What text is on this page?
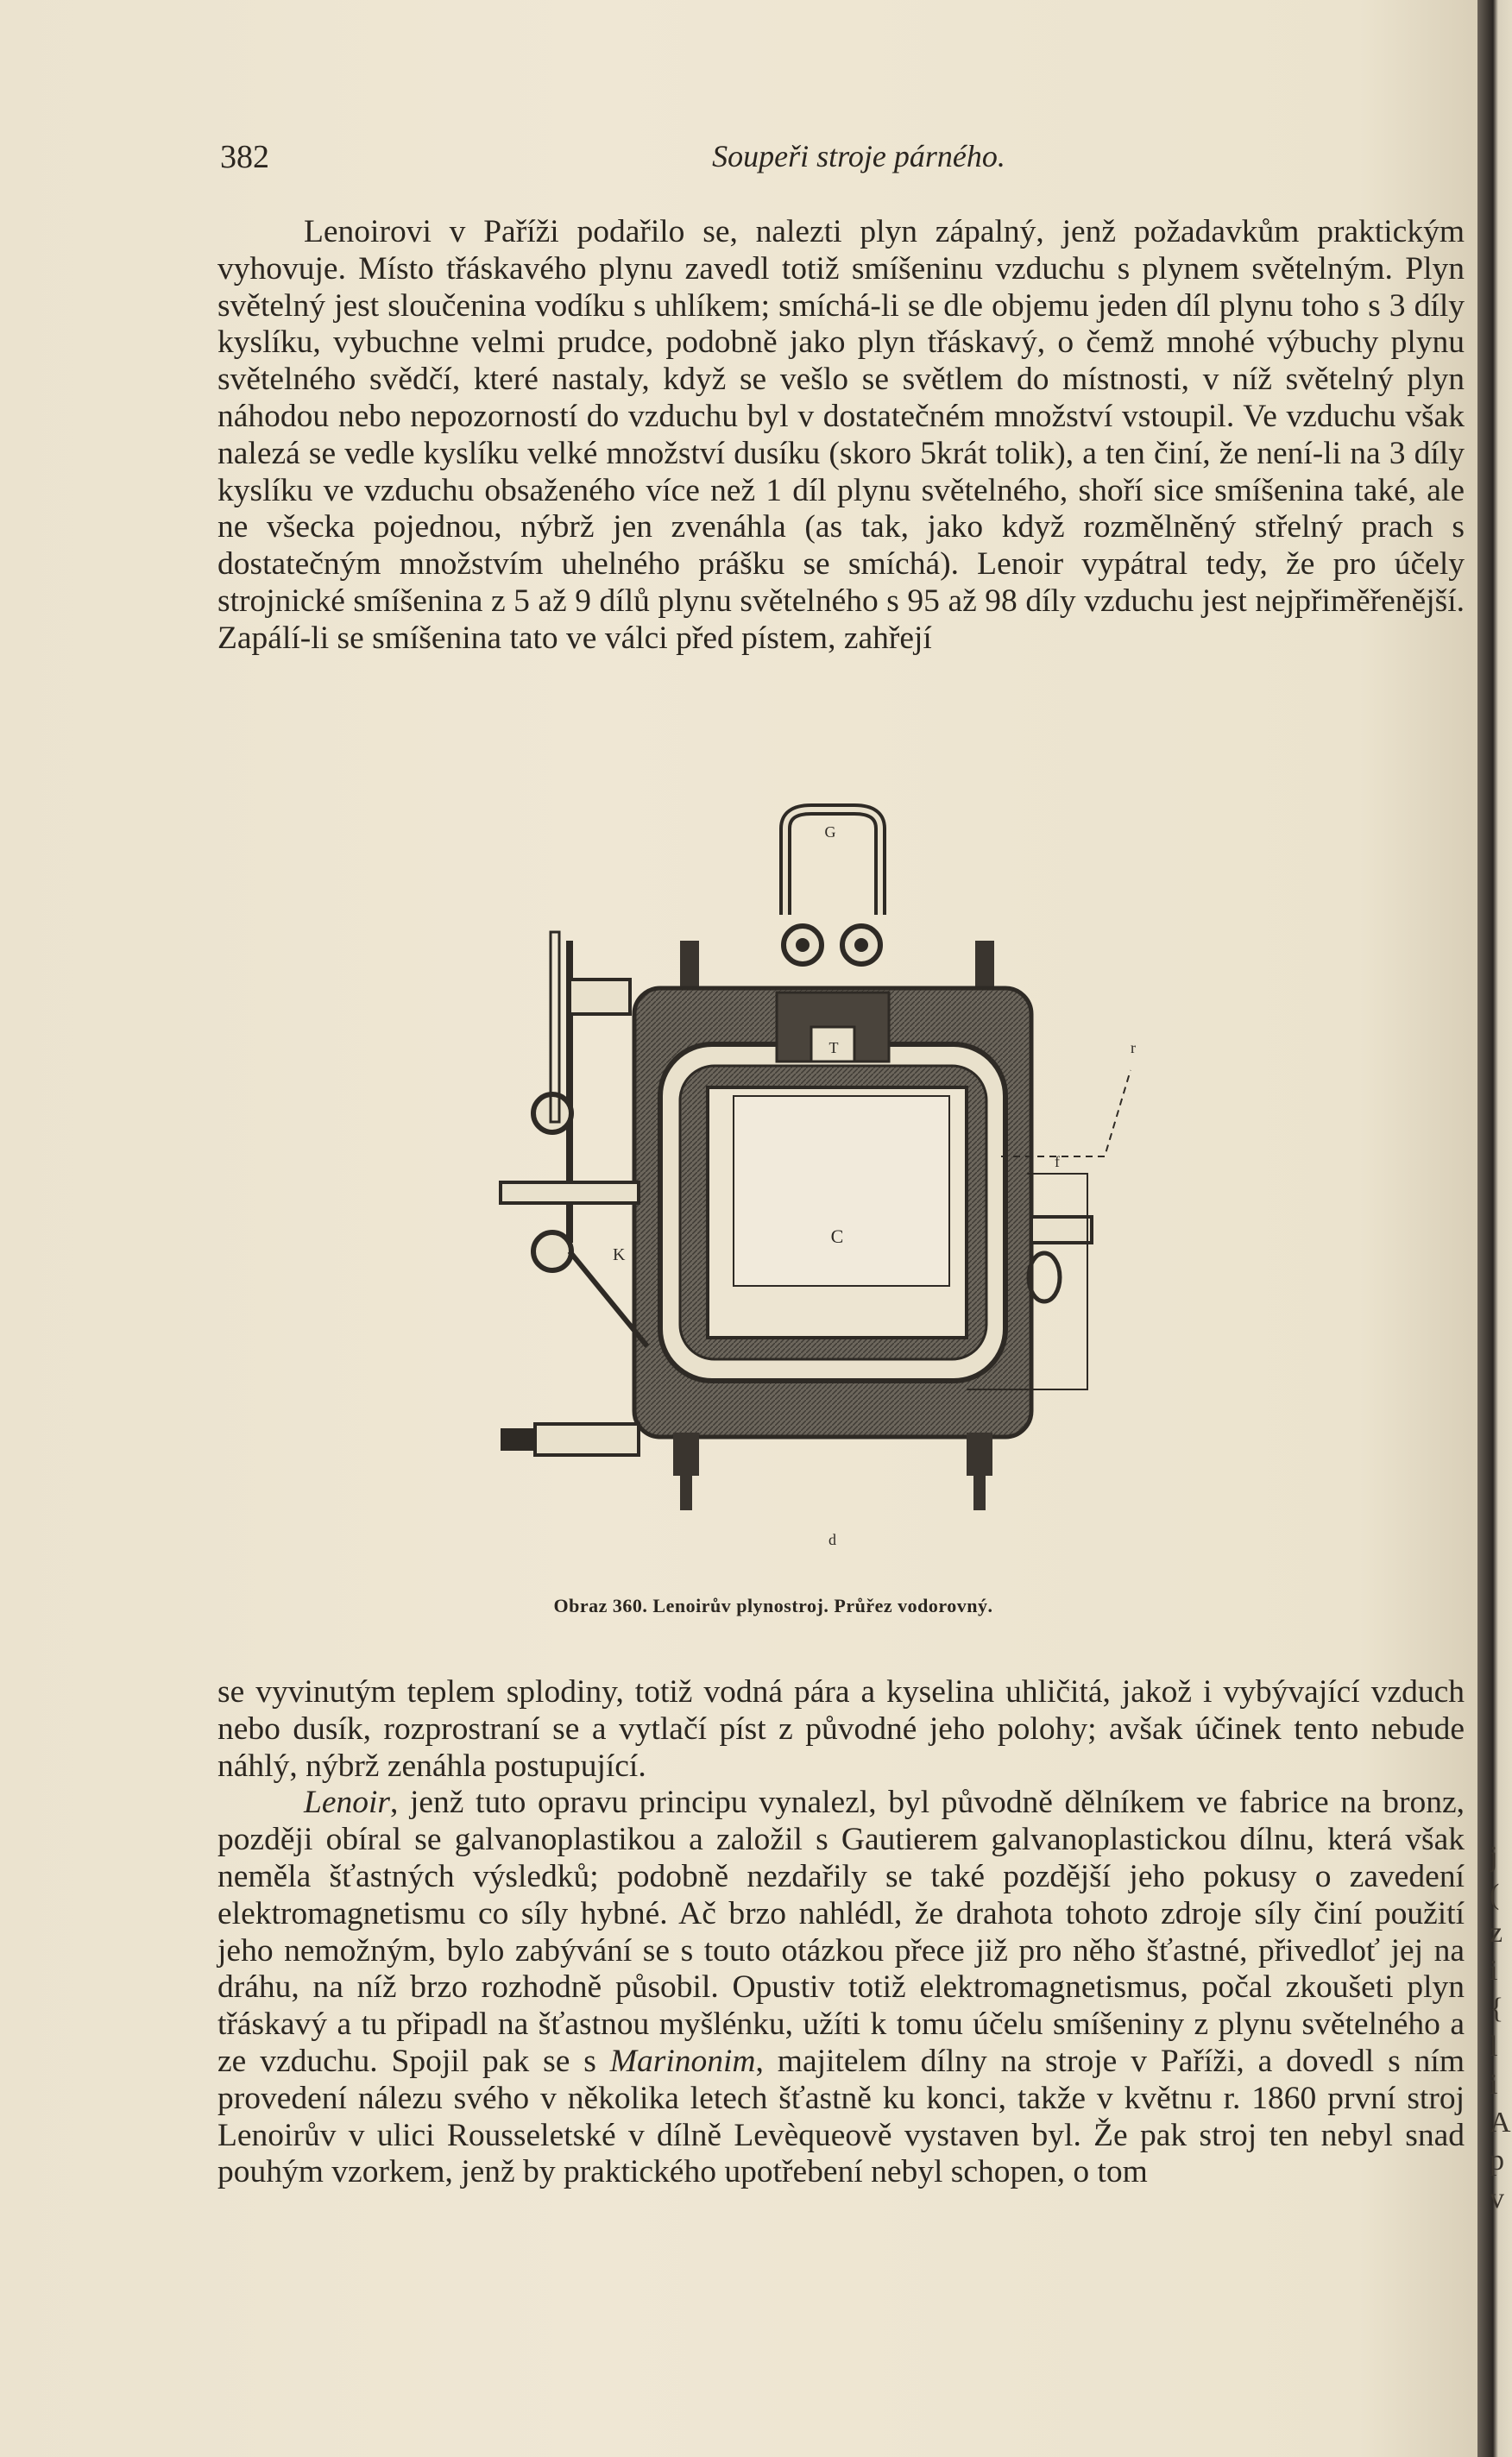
j
(
z
i
{
l
i
A
p
v
382	Soupeři stroje párného.

Lenoirovi v Paříži podařilo se, nalezti plyn zápalný, jenž požadavkům praktickým vyhovuje. Místo třáskavého plynu zavedl totiž smíšeninu vzduchu s plynem světelným. Plyn světelný jest sloučenina vodíku s uhlíkem; smíchá-li se dle objemu jeden díl plynu toho s 3 díly kyslíku, vybuchne velmi prudce, podobně jako plyn třáskavý, o čemž mnohé výbuchy plynu světelného svědčí, které nastaly, když se vešlo se světlem do místnosti, v níž světelný plyn náhodou nebo nepozorností do vzduchu byl v dostatečném množství vstoupil. Ve vzduchu však nalezá se vedle kyslíku velké množství dusíku (skoro 5krát tolik), a ten činí, že není-li na 3 díly kyslíku ve vzduchu obsaženého více než 1 díl plynu světelného, shoří sice smíšenina také, ale ne všecka pojednou, nýbrž jen zvenáhla (as tak, jako když rozmělněný střelný prach s dostatečným množstvím uhelného prášku se smíchá). Lenoir vypátral tedy, že pro účely strojnické smíšenina z 5 až 9 dílů plynu světelného s 95 až 98 díly vzduchu jest nejpřiměřenější. Zapálí-li se smíšenina tato ve válci před pístem, zahřejí

G
T
K
C
f
r
d
Obraz 360. Lenoirův plynostroj. Průřez vodorovný.

se vyvinutým teplem splodiny, totiž vodná pára a kyselina uhličitá, jakož i vybývající vzduch nebo dusík, rozprostraní se a vytlačí píst z původné jeho polohy; avšak účinek tento nebude náhlý, nýbrž zenáhla postupující.

Lenoir, jenž tuto opravu principu vynalezl, byl původně dělníkem ve fabrice na bronz, později obíral se galvanoplastikou a založil s Gautierem galvanoplastickou dílnu, která však neměla šťastných výsledků; podobně nezdařily se také pozdější jeho pokusy o zavedení elektromagnetismu co síly hybné. Ač brzo nahlédl, že drahota tohoto zdroje síly činí použití jeho nemožným, bylo zabývání se s touto otázkou přece již pro něho šťastné, přivedloť jej na dráhu, na níž brzo rozhodně působil. Opustiv totiž elektromagnetismus, počal zkoušeti plyn třáskavý a tu připadl na šťastnou myšlénku, užíti k tomu účelu smíšeniny z plynu světelného a ze vzduchu. Spojil pak se s Marinonim, majitelem dílny na stroje v Paříži, a dovedl s ním provedení nálezu svého v několika letech šťastně ku konci, takže v květnu r. 1860 první stroj Lenoirův v ulici Rousseletské v dílně Levèqueově vystaven byl. Že pak stroj ten nebyl snad pouhým vzorkem, jenž by praktického upotřebení nebyl schopen, o tom
